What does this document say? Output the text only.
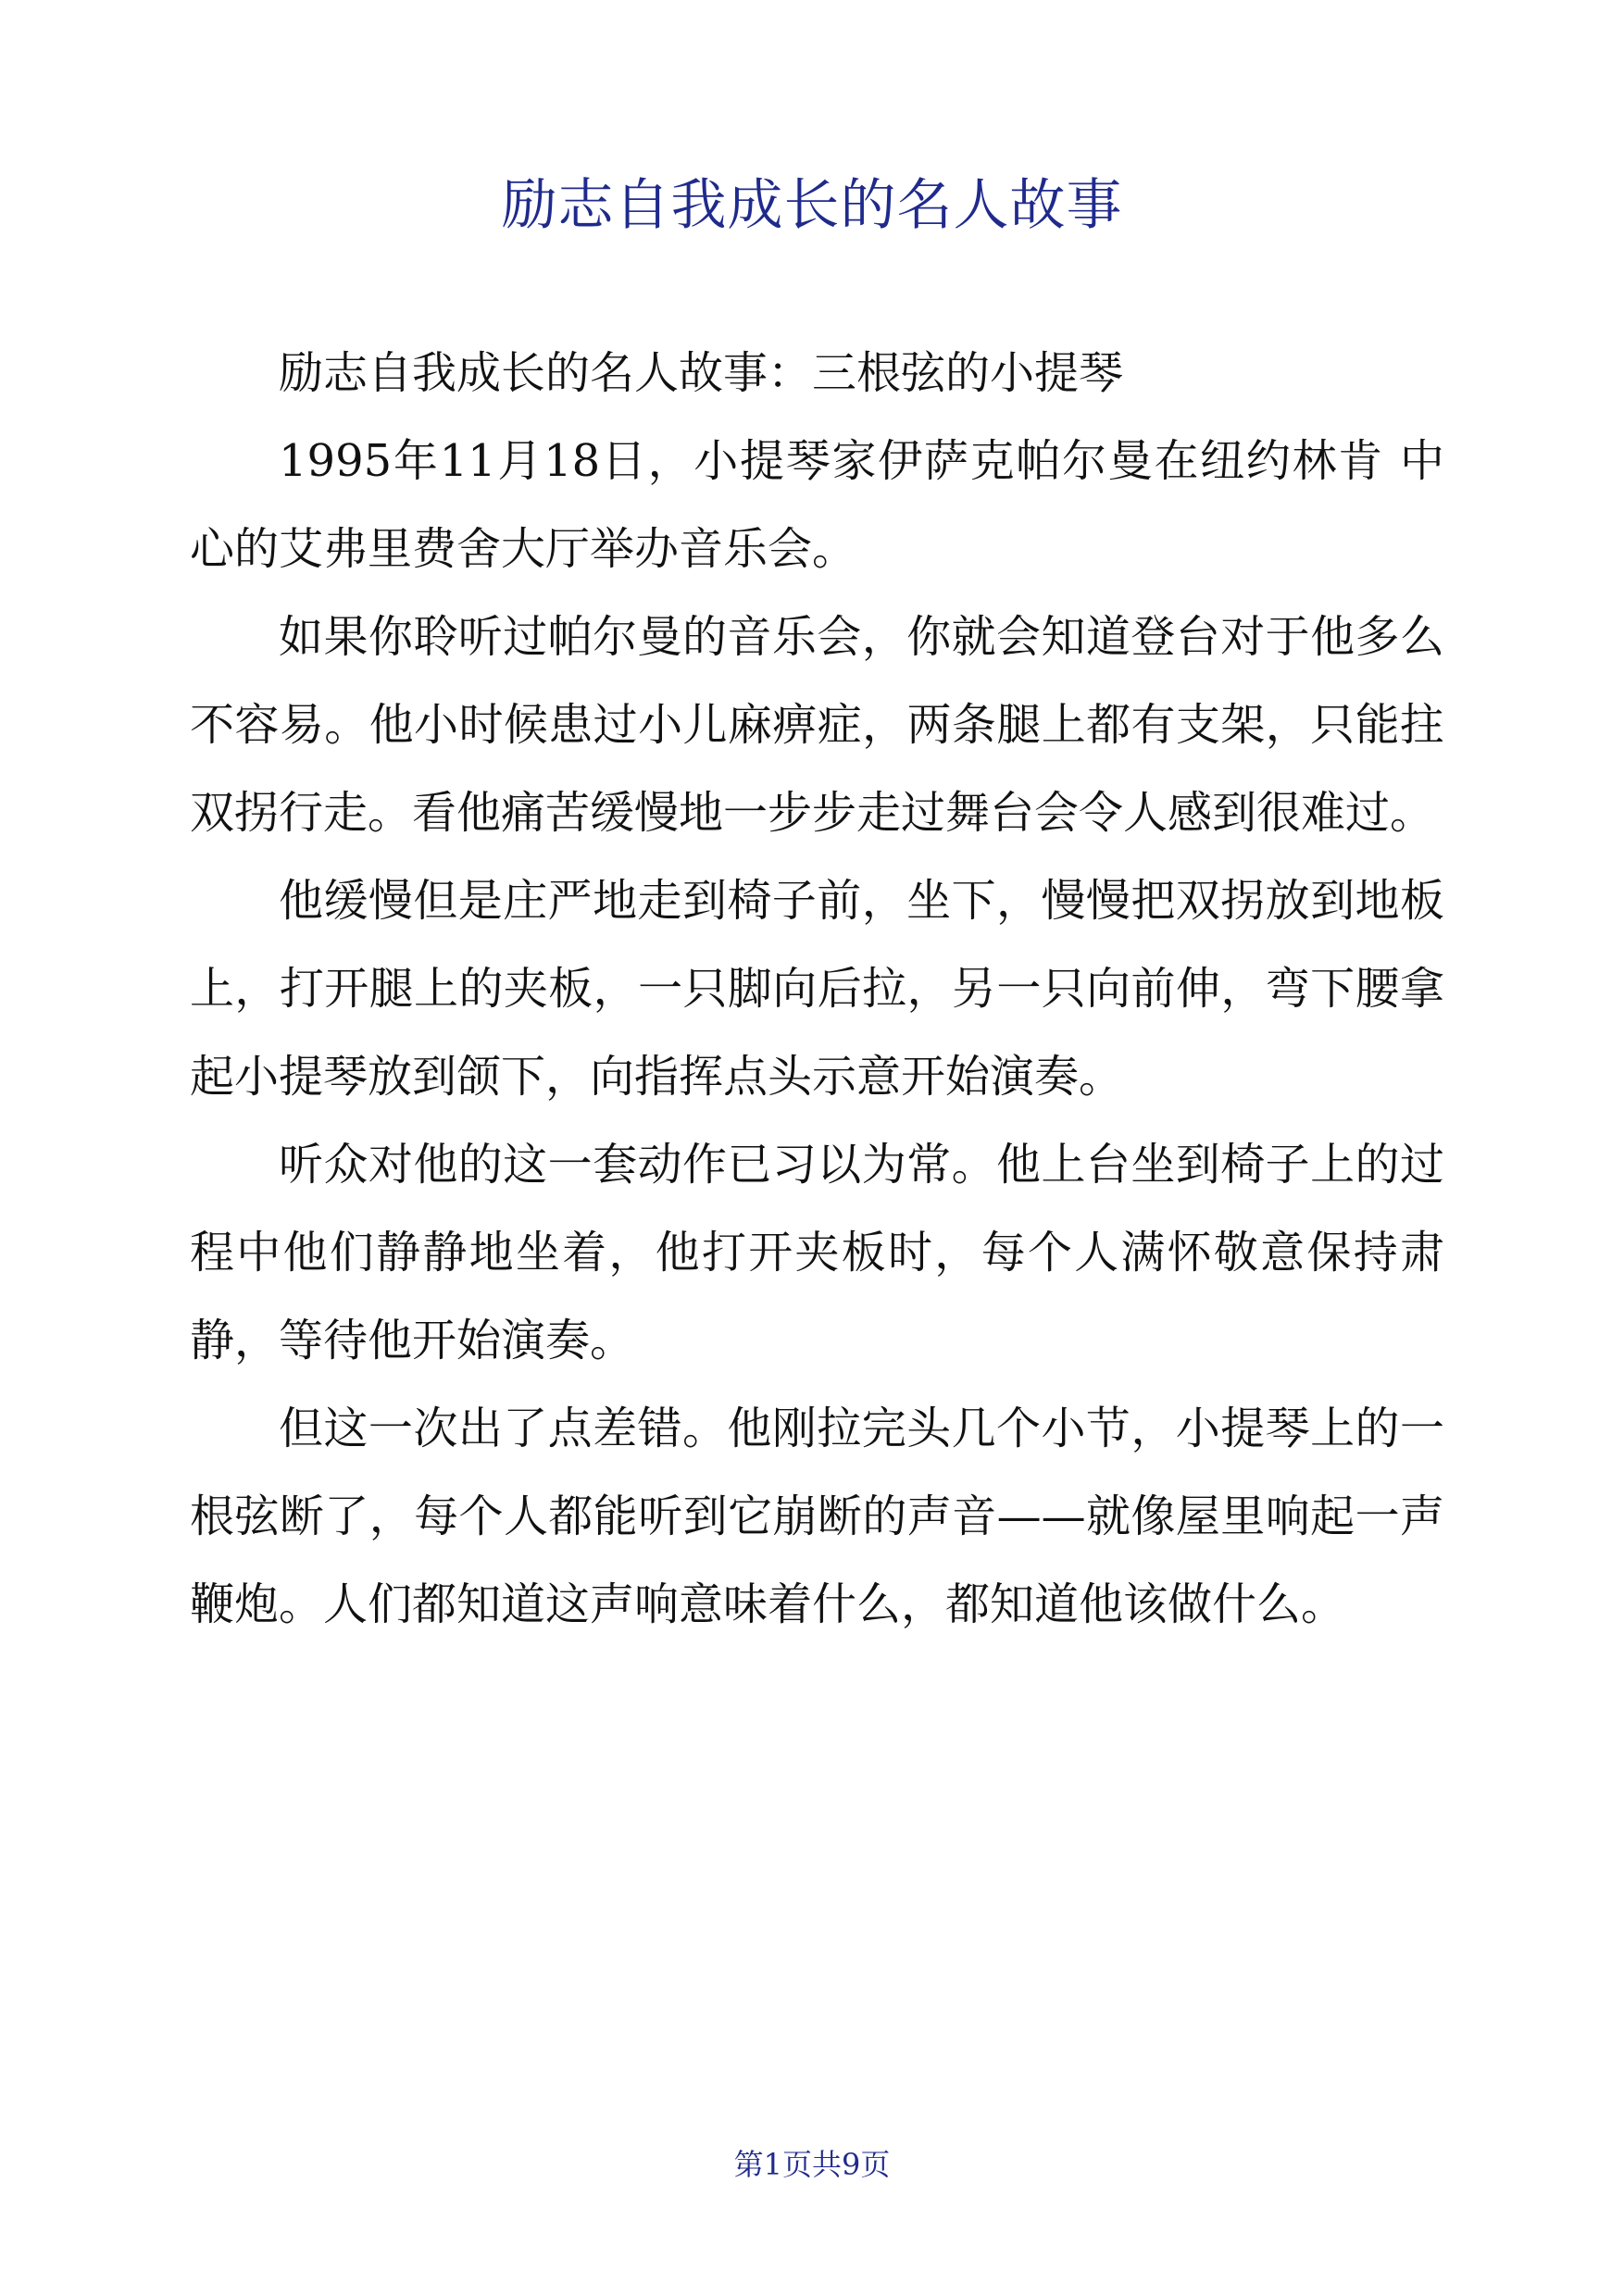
励志自我成长的名人故事

励志自我成长的名人故事：三根弦的小提琴

1995年11月18日，小提琴家伊萨克帕尔曼在纽约林肯 中心的艾弗里费舍大厅举办音乐会。

如果你聆听过帕尔曼的音乐会，你就会知道登台对于他多么不容易。他小时候患过小儿麻痹症，两条腿上都有支架，只能拄双拐行走。看他痛苦缓慢地一步步走过舞台会令人感到很难过。

他缓慢但是庄严地走到椅子前，坐下，慢慢把双拐放到地板上，打开腿上的夹板，一只脚向后拉，另一只向前伸，弯下腰拿起小提琴放到颌下，向指挥点头示意开始演奏。

听众对他的这一套动作已习以为常。他上台坐到椅子上的过程中他们静静地坐着，他打开夹板时，每个人满怀敬意保持肃静，等待他开始演奏。

但这一次出了点差错。他刚拉完头几个小节，小提琴上的一根弦断了，每个人都能听到它崩断的声音——就像屋里响起一声鞭炮。人们都知道这声响意味着什么，都知道他该做什么。

第1页共9页
